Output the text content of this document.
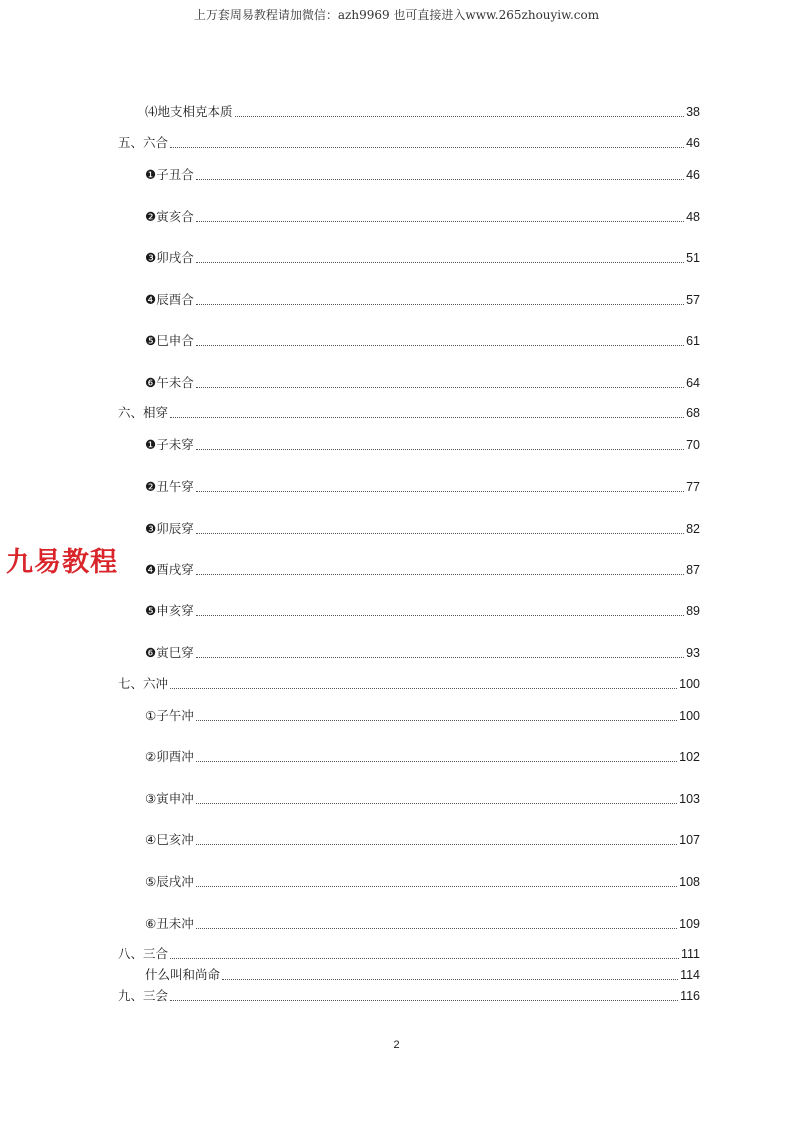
上万套周易教程请加微信：azh9969 也可直接进入www.265zhouyiw.com
九易教程
⑷地支相克本质	38
五、六合	46
❶子丑合	46
❷寅亥合	48
❸卯戌合	51
❹辰酉合	57
❺巳申合	61
❻午未合	64
六、相穿	68
❶子未穿	70
❷丑午穿	77
❸卯辰穿	82
❹酉戌穿	87
❺申亥穿	89
❻寅巳穿	93
七、六冲	100
①子午冲	100
②卯酉冲	102
③寅申冲	103
④巳亥冲	107
⑤辰戌冲	108
⑥丑未冲	109
八、三合	111
什么叫和尚命	114
九、三会	116
2
